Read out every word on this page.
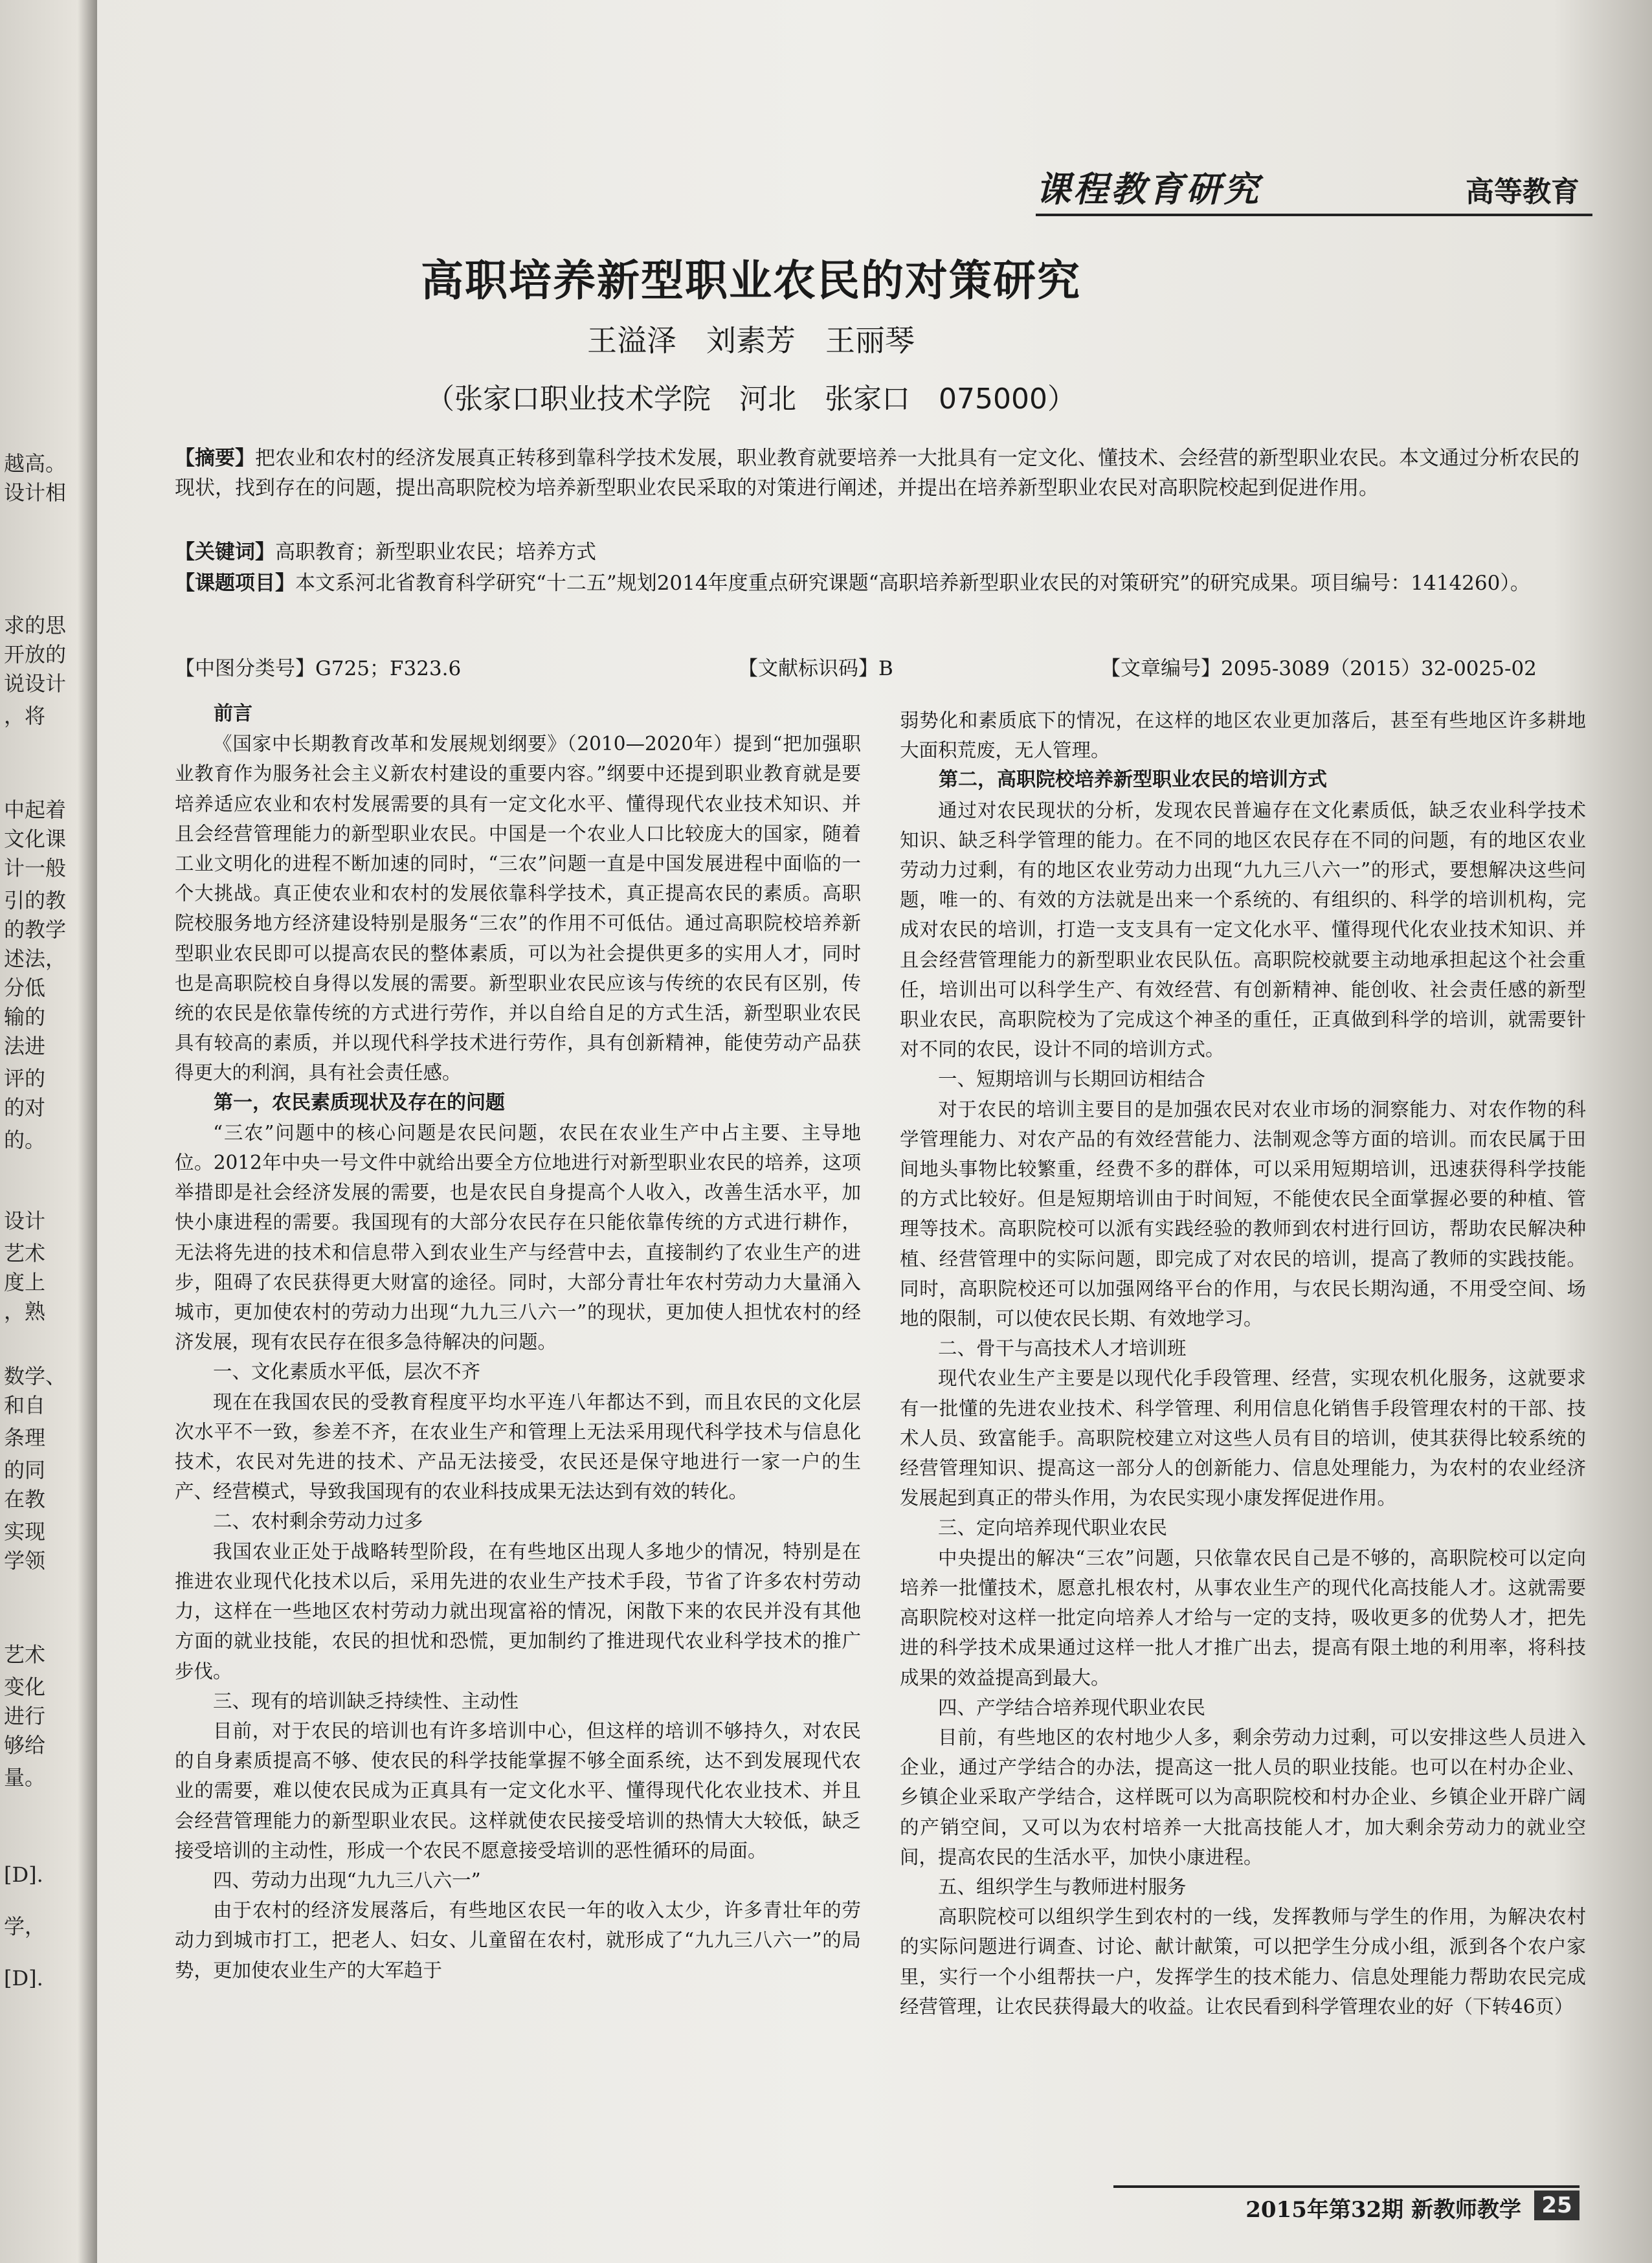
越高。
设计相
求的思
开放的
说设计
，将
中起着
文化课
计一般
引的教
的教学
述法，
分低
输的
法进
评的
的对
的。
设计
艺术
度上
，熟
数学、
和自
条理
的同
在教
实现
学领
艺术
变化
进行
够给
量。
[D].
学，
[D].
课程教育研究	高等教育
高职培养新型职业农民的对策研究
王溢泽　刘素芳　王丽琴
（张家口职业技术学院　河北　张家口　075000）
【摘要】把农业和农村的经济发展真正转移到靠科学技术发展，职业教育就要培养一大批具有一定文化、懂技术、会经营的新型职业农民。本文通过分析农民的现状，找到存在的问题，提出高职院校为培养新型职业农民采取的对策进行阐述，并提出在培养新型职业农民对高职院校起到促进作用。
【关键词】高职教育；新型职业农民；培养方式
【课题项目】本文系河北省教育科学研究“十二五”规划2014年度重点研究课题“高职培养新型职业农民的对策研究”的研究成果。项目编号：1414260）。
【中图分类号】G725；F323.6	【文献标识码】B	【文章编号】2095-3089（2015）32-0025-02
前言

《国家中长期教育改革和发展规划纲要》（2010—2020年）提到“把加强职业教育作为服务社会主义新农村建设的重要内容。”纲要中还提到职业教育就是要培养适应农业和农村发展需要的具有一定文化水平、懂得现代农业技术知识、并且会经营管理能力的新型职业农民。中国是一个农业人口比较庞大的国家，随着工业文明化的进程不断加速的同时，“三农”问题一直是中国发展进程中面临的一个大挑战。真正使农业和农村的发展依靠科学技术，真正提高农民的素质。高职院校服务地方经济建设特别是服务“三农”的作用不可低估。通过高职院校培养新型职业农民即可以提高农民的整体素质，可以为社会提供更多的实用人才，同时也是高职院校自身得以发展的需要。新型职业农民应该与传统的农民有区别，传统的农民是依靠传统的方式进行劳作，并以自给自足的方式生活，新型职业农民具有较高的素质，并以现代科学技术进行劳作，具有创新精神，能使劳动产品获得更大的利润，具有社会责任感。

第一，农民素质现状及存在的问题

“三农”问题中的核心问题是农民问题，农民在农业生产中占主要、主导地位。2012年中央一号文件中就给出要全方位地进行对新型职业农民的培养，这项举措即是社会经济发展的需要，也是农民自身提高个人收入，改善生活水平，加快小康进程的需要。我国现有的大部分农民存在只能依靠传统的方式进行耕作，无法将先进的技术和信息带入到农业生产与经营中去，直接制约了农业生产的进步，阻碍了农民获得更大财富的途径。同时，大部分青壮年农村劳动力大量涌入城市，更加使农村的劳动力出现“九九三八六一”的现状，更加使人担忧农村的经济发展，现有农民存在很多急待解决的问题。

一、文化素质水平低，层次不齐

现在在我国农民的受教育程度平均水平连八年都达不到，而且农民的文化层次水平不一致，参差不齐，在农业生产和管理上无法采用现代科学技术与信息化技术，农民对先进的技术、产品无法接受，农民还是保守地进行一家一户的生产、经营模式，导致我国现有的农业科技成果无法达到有效的转化。

二、农村剩余劳动力过多

我国农业正处于战略转型阶段，在有些地区出现人多地少的情况，特别是在推进农业现代化技术以后，采用先进的农业生产技术手段，节省了许多农村劳动力，这样在一些地区农村劳动力就出现富裕的情况，闲散下来的农民并没有其他方面的就业技能，农民的担忧和恐慌，更加制约了推进现代农业科学技术的推广步伐。

三、现有的培训缺乏持续性、主动性

目前，对于农民的培训也有许多培训中心，但这样的培训不够持久，对农民的自身素质提高不够、使农民的科学技能掌握不够全面系统，达不到发展现代农业的需要，难以使农民成为正真具有一定文化水平、懂得现代化农业技术、并且会经营管理能力的新型职业农民。这样就使农民接受培训的热情大大较低，缺乏接受培训的主动性，形成一个农民不愿意接受培训的恶性循环的局面。

四、劳动力出现“九九三八六一”

由于农村的经济发展落后，有些地区农民一年的收入太少，许多青壮年的劳动力到城市打工，把老人、妇女、儿童留在农村，就形成了“九九三八六一”的局势，更加使农业生产的大军趋于

弱势化和素质底下的情况，在这样的地区农业更加落后，甚至有些地区许多耕地大面积荒废，无人管理。

第二，高职院校培养新型职业农民的培训方式

通过对农民现状的分析，发现农民普遍存在文化素质低，缺乏农业科学技术知识、缺乏科学管理的能力。在不同的地区农民存在不同的问题，有的地区农业劳动力过剩，有的地区农业劳动力出现“九九三八六一”的形式，要想解决这些问题，唯一的、有效的方法就是出来一个系统的、有组织的、科学的培训机构，完成对农民的培训，打造一支支具有一定文化水平、懂得现代化农业技术知识、并且会经营管理能力的新型职业农民队伍。高职院校就要主动地承担起这个社会重任，培训出可以科学生产、有效经营、有创新精神、能创收、社会责任感的新型职业农民，高职院校为了完成这个神圣的重任，正真做到科学的培训，就需要针对不同的农民，设计不同的培训方式。

一、短期培训与长期回访相结合

对于农民的培训主要目的是加强农民对农业市场的洞察能力、对农作物的科学管理能力、对农产品的有效经营能力、法制观念等方面的培训。而农民属于田间地头事物比较繁重，经费不多的群体，可以采用短期培训，迅速获得科学技能的方式比较好。但是短期培训由于时间短，不能使农民全面掌握必要的种植、管理等技术。高职院校可以派有实践经验的教师到农村进行回访，帮助农民解决种植、经营管理中的实际问题，即完成了对农民的培训，提高了教师的实践技能。同时，高职院校还可以加强网络平台的作用，与农民长期沟通，不用受空间、场地的限制，可以使农民长期、有效地学习。

二、骨干与高技术人才培训班

现代农业生产主要是以现代化手段管理、经营，实现农机化服务，这就要求有一批懂的先进农业技术、科学管理、利用信息化销售手段管理农村的干部、技术人员、致富能手。高职院校建立对这些人员有目的培训，使其获得比较系统的经营管理知识、提高这一部分人的创新能力、信息处理能力，为农村的农业经济发展起到真正的带头作用，为农民实现小康发挥促进作用。

三、定向培养现代职业农民

中央提出的解决“三农”问题，只依靠农民自己是不够的，高职院校可以定向培养一批懂技术，愿意扎根农村，从事农业生产的现代化高技能人才。这就需要高职院校对这样一批定向培养人才给与一定的支持，吸收更多的优势人才，把先进的科学技术成果通过这样一批人才推广出去，提高有限土地的利用率，将科技成果的效益提高到最大。

四、产学结合培养现代职业农民

目前，有些地区的农村地少人多，剩余劳动力过剩，可以安排这些人员进入企业，通过产学结合的办法，提高这一批人员的职业技能。也可以在村办企业、乡镇企业采取产学结合，这样既可以为高职院校和村办企业、乡镇企业开辟广阔的产销空间，又可以为农村培养一大批高技能人才，加大剩余劳动力的就业空间，提高农民的生活水平，加快小康进程。

五、组织学生与教师进村服务

高职院校可以组织学生到农村的一线，发挥教师与学生的作用，为解决农村的实际问题进行调查、讨论、献计献策，可以把学生分成小组，派到各个农户家里，实行一个小组帮扶一户，发挥学生的技术能力、信息处理能力帮助农民完成经营管理，让农民获得最大的收益。让农民看到科学管理农业的好（下转46页）

2015年第32期 新教师教学 25
